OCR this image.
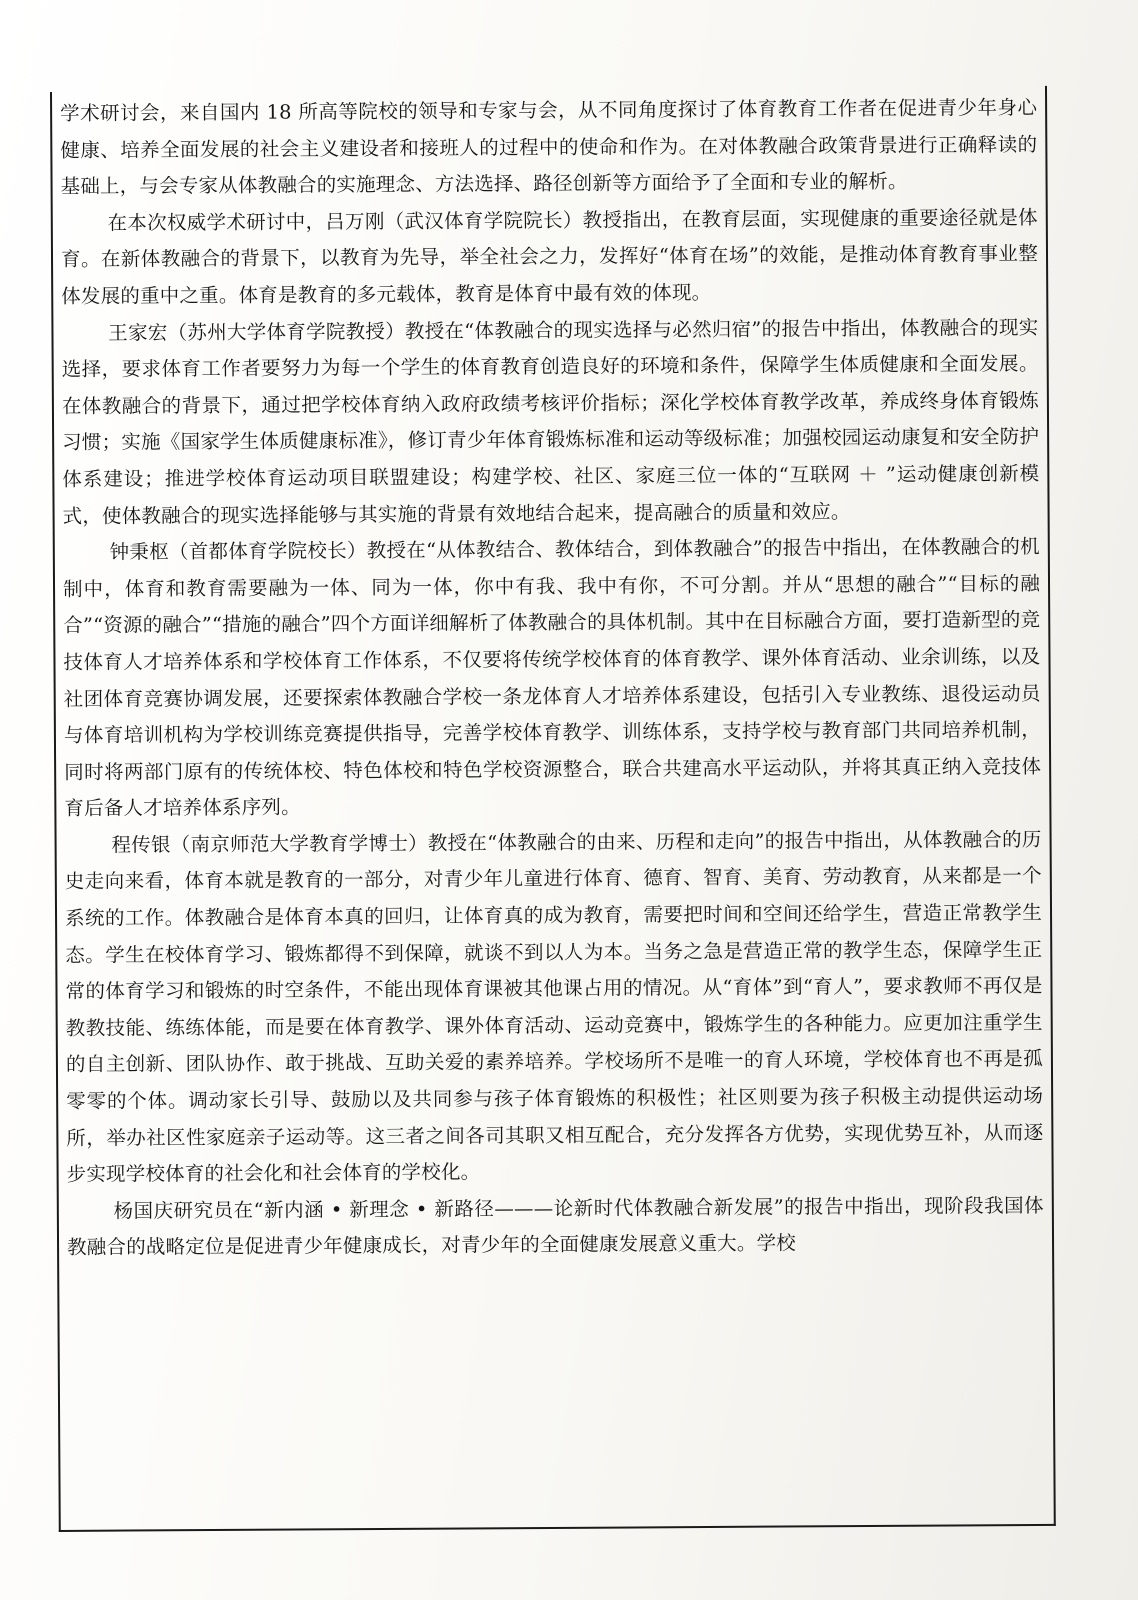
学术研讨会，来自国内 18 所高等院校的领导和专家与会，从不同角度探讨了体育教育工作者在促进青少年身心健康、培养全面发展的社会主义建设者和接班人的过程中的使命和作为。在对体教融合政策背景进行正确释读的基础上，与会专家从体教融合的实施理念、方法选择、路径创新等方面给予了全面和专业的解析。

在本次权威学术研讨中，吕万刚（武汉体育学院院长）教授指出，在教育层面，实现健康的重要途径就是体育。在新体教融合的背景下，以教育为先导，举全社会之力，发挥好“体育在场”的效能，是推动体育教育事业整体发展的重中之重。体育是教育的多元载体，教育是体育中最有效的体现。

王家宏（苏州大学体育学院教授）教授在“体教融合的现实选择与必然归宿”的报告中指出，体教融合的现实选择，要求体育工作者要努力为每一个学生的体育教育创造良好的环境和条件，保障学生体质健康和全面发展。在体教融合的背景下，通过把学校体育纳入政府政绩考核评价指标；深化学校体育教学改革，养成终身体育锻炼习惯；实施《国家学生体质健康标准》，修订青少年体育锻炼标准和运动等级标准；加强校园运动康复和安全防护体系建设；推进学校体育运动项目联盟建设；构建学校、社区、家庭三位一体的“互联网 ＋ ”运动健康创新模式，使体教融合的现实选择能够与其实施的背景有效地结合起来，提高融合的质量和效应。

钟秉枢（首都体育学院校长）教授在“从体教结合、教体结合，到体教融合”的报告中指出，在体教融合的机制中，体育和教育需要融为一体、同为一体，你中有我、我中有你，不可分割。并从“思想的融合”“目标的融合”“资源的融合”“措施的融合”四个方面详细解析了体教融合的具体机制。其中在目标融合方面，要打造新型的竞技体育人才培养体系和学校体育工作体系，不仅要将传统学校体育的体育教学、课外体育活动、业余训练，以及社团体育竞赛协调发展，还要探索体教融合学校一条龙体育人才培养体系建设，包括引入专业教练、退役运动员与体育培训机构为学校训练竞赛提供指导，完善学校体育教学、训练体系，支持学校与教育部门共同培养机制，同时将两部门原有的传统体校、特色体校和特色学校资源整合，联合共建高水平运动队，并将其真正纳入竞技体育后备人才培养体系序列。

程传银（南京师范大学教育学博士）教授在“体教融合的由来、历程和走向”的报告中指出，从体教融合的历史走向来看，体育本就是教育的一部分，对青少年儿童进行体育、德育、智育、美育、劳动教育，从来都是一个系统的工作。体教融合是体育本真的回归，让体育真的成为教育，需要把时间和空间还给学生，营造正常教学生态。学生在校体育学习、锻炼都得不到保障，就谈不到以人为本。当务之急是营造正常的教学生态，保障学生正常的体育学习和锻炼的时空条件，不能出现体育课被其他课占用的情况。从“育体”到“育人”，要求教师不再仅是教教技能、练练体能，而是要在体育教学、课外体育活动、运动竞赛中，锻炼学生的各种能力。应更加注重学生的自主创新、团队协作、敢于挑战、互助关爱的素养培养。学校场所不是唯一的育人环境，学校体育也不再是孤零零的个体。调动家长引导、鼓励以及共同参与孩子体育锻炼的积极性；社区则要为孩子积极主动提供运动场所，举办社区性家庭亲子运动等。这三者之间各司其职又相互配合，充分发挥各方优势，实现优势互补，从而逐步实现学校体育的社会化和社会体育的学校化。

杨国庆研究员在“新内涵 • 新理念 • 新路径———论新时代体教融合新发展”的报告中指出，现阶段我国体教融合的战略定位是促进青少年健康成长，对青少年的全面健康发展意义重大。学校
